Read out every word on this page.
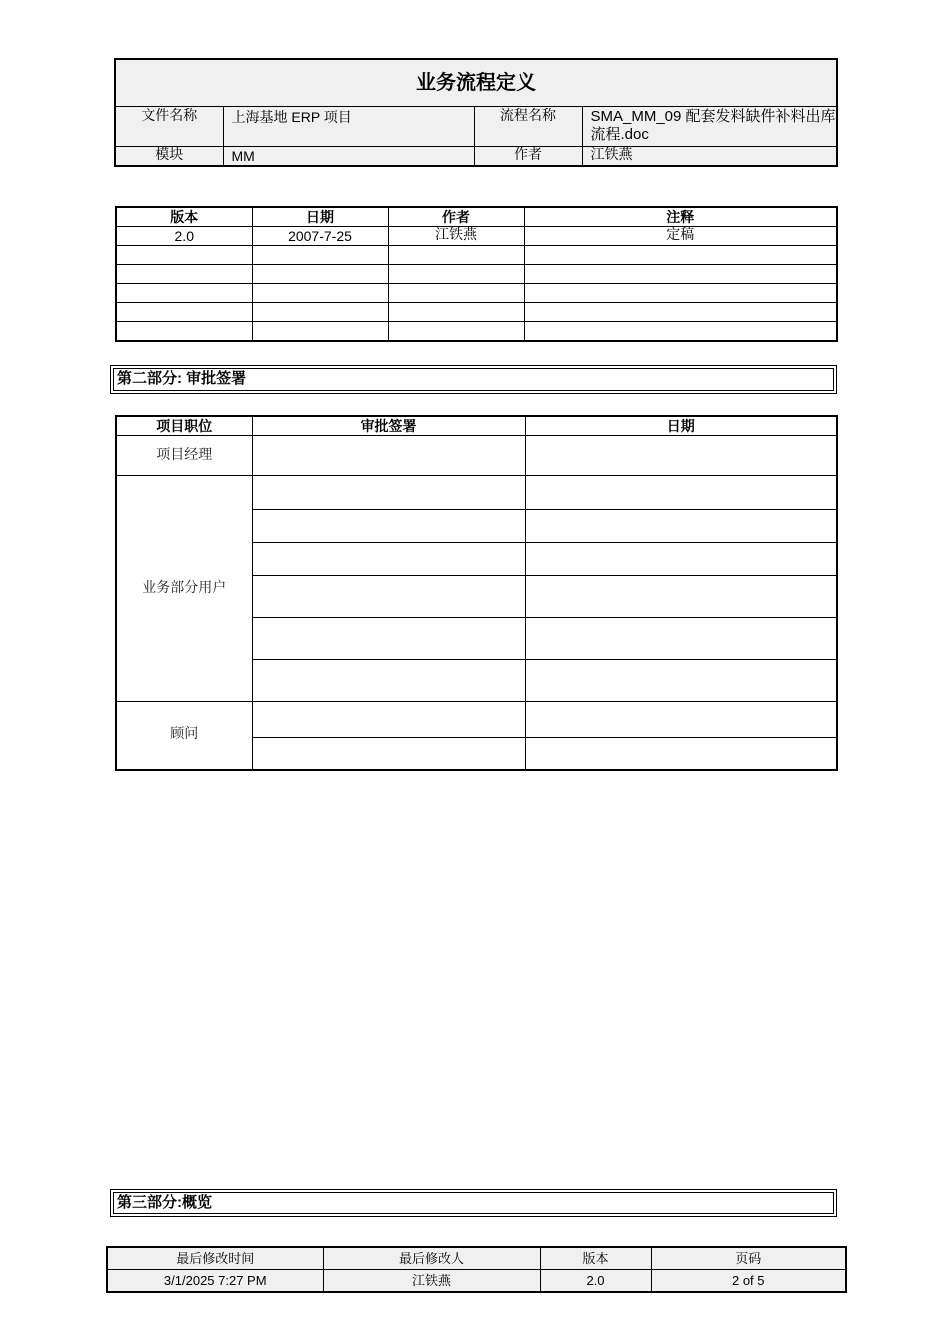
业务流程定义			
文件名称	上海基地 ERP 项目	流程名称	SMA_MM_09 配套发料缺件补料出库流程.doc
模块	MM	作者	江铁燕
版本	日期	作者	注释
2.0	2007-7-25	江铁燕	定稿

第二部分: 审批签署
项目职位	审批签署	日期
项目经理		
业务部分用户		

顾问		

第三部分:概览
最后修改时间	最后修改人	版本	页码
3/1/2025 7:27 PM	江铁燕	2.0	2 of 5
